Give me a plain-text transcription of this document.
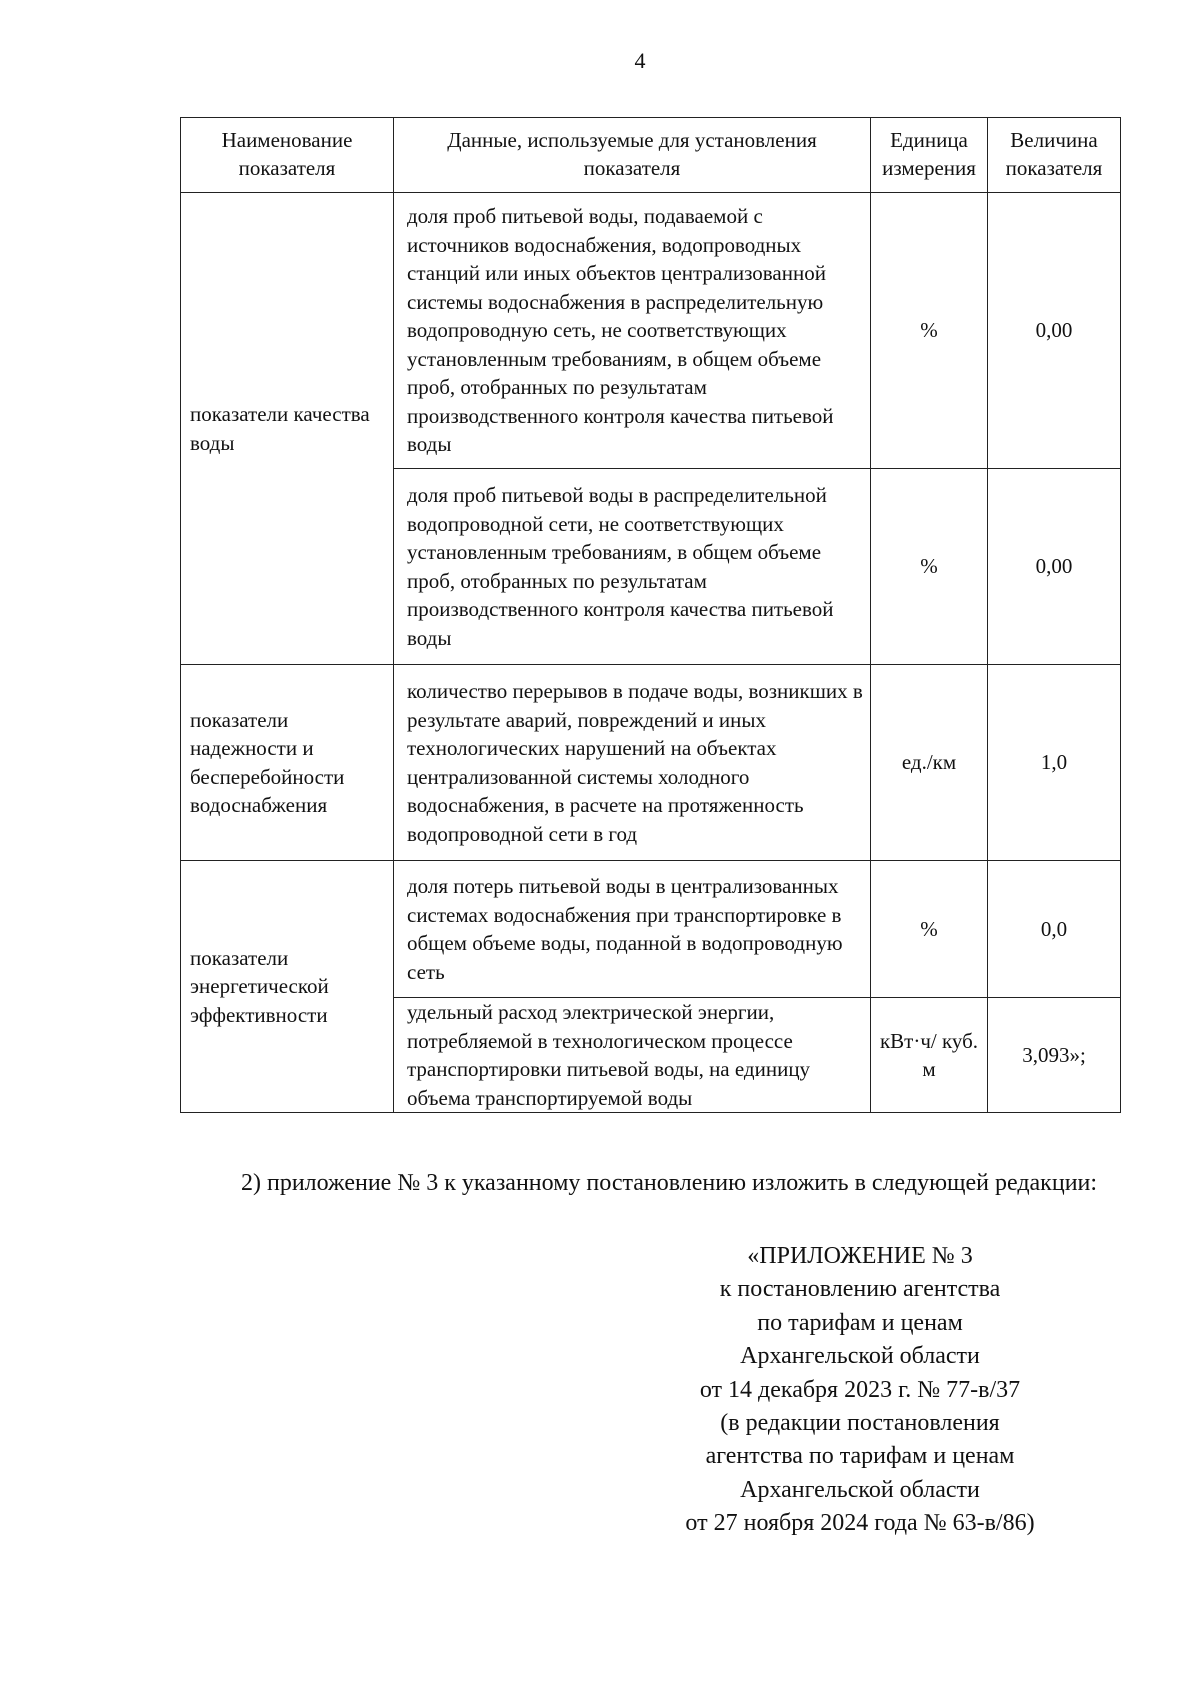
4
Наименование показателя	Данные, используемые для установления показателя	Единица измерения	Величина показателя
показатели качества воды	доля проб питьевой воды, подаваемой с источников водоснабжения, водопроводных станций или иных объектов централизованной системы водоснабжения в распределительную водопроводную сеть, не соответствующих установленным требованиям, в общем объеме проб, отобранных по результатам производственного контроля качества питьевой воды	%	0,00
	доля проб питьевой воды в распределительной водопроводной сети, не соответствующих установленным требованиям, в общем объеме проб, отобранных по результатам производственного контроля качества питьевой воды	%	0,00
показатели надежности и бесперебойности водоснабжения	количество перерывов в подаче воды, возникших в результате аварий, повреждений и иных технологических нарушений на объектах централизованной системы холодного водоснабжения, в расчете на протяженность водопроводной сети в год	ед./км	1,0
показатели энергетической эффективности	доля потерь питьевой воды в централизованных системах водоснабжения при транспортировке в общем объеме воды, поданной в водопроводную сеть	%	0,0
	удельный расход электрической энергии, потребляемой в технологическом процессе транспортировки питьевой воды, на единицу объема транспортируемой воды	кВт·ч/ куб. м	3,093»;
2) приложение № 3 к указанному постановлению изложить в следующей редакции:
«ПРИЛОЖЕНИЕ № 3
к постановлению агентства
по тарифам и ценам
Архангельской области
от 14 декабря 2023 г. № 77-в/37
(в редакции постановления
агентства по тарифам и ценам
Архангельской области
от 27 ноября 2024 года № 63-в/86)
